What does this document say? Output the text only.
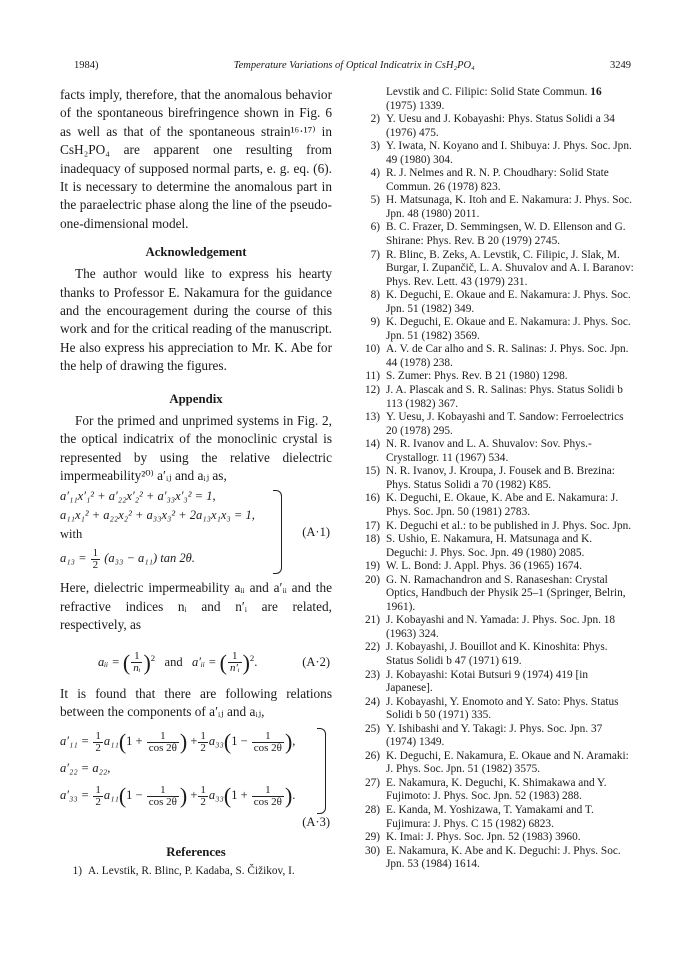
1984)	Temperature Variations of Optical Indicatrix in CsH₂PO₄	3249

facts imply, therefore, that the anomalous behavior of the spontaneous birefringence shown in Fig. 6 as well as that of the spontaneous strain¹⁶·¹⁷⁾ in CsH₂PO₄ are apparent one resulting from inadequacy of supposed normal parts, e. g. eq. (6). It is necessary to determine the anomalous part in the paraelectric phase along the line of the pseudo-one-dimensional model.

Acknowledgement

The author would like to express his hearty thanks to Professor E. Nakamura for the guidance and the encouragement during the course of this work and for the critical reading of the manuscript. He also express his appreciation to Mr. K. Abe for the help of drawing the figures.

Appendix

For the primed and unprimed systems in Fig. 2, the optical indicatrix of the monoclinic crystal is represented by using the relative dielectric impermeability²⁰⁾ a′ᵢⱼ and aᵢⱼ as,

a′₁₁x′₁² + a′₂₂x′₂² + a′₃₃x′₃² = 1,
a₁₁x₁² + a₂₂x₂² + a₃₃x₃² + 2a₁₃x₁x₃ = 1,
with
$a_{13} = \frac{1}{2} (a_{33} - a_{11})$ tan 2θ.
(A·1)

Here, dielectric impermeability aᵢᵢ and a′ᵢᵢ and the refractive indices nᵢ and n′ᵢ are related, respectively, as

aᵢᵢ = ( $\frac{1}{\text{nᵢ}} )^2$ and a′ᵢᵢ = ( $\frac{1}{\text{n′ᵢ}} )^2$.	(A·2)

It is found that there are following relations between the components of a′ᵢⱼ and aᵢⱼ,

$a'_{11} = \frac{1}{2} a_{11}(1 + \frac{1}{\cos 2\theta}$ ) + $\frac{1}{2} a_{33}(1 - \frac{1}{\cos 2\theta}$ ),
a′₂₂ = a₂₂,
$a'_{33} = \frac{1}{2} a_{11}(1 - \frac{1}{\cos 2\theta}$ ) + $\frac{1}{2} a_{33}(1 + \frac{1}{\cos 2\theta}$ ).
(A·3)
References
1) A. Levstik, R. Blinc, P. Kadaba, S. Čižikov, I.
Levstik and C. Filipic: Solid State Commun. 16 (1975) 1339.
2) Y. Uesu and J. Kobayashi: Phys. Status Solidi a 34 (1976) 475.
3) Y. Iwata, N. Koyano and I. Shibuya: J. Phys. Soc. Jpn. 49 (1980) 304.
4) R. J. Nelmes and R. N. P. Choudhary: Solid State Commun. 26 (1978) 823.
5) H. Matsunaga, K. Itoh and E. Nakamura: J. Phys. Soc. Jpn. 48 (1980) 2011.
6) B. C. Frazer, D. Semmingsen, W. D. Ellenson and G. Shirane: Phys. Rev. B 20 (1979) 2745.
7) R. Blinc, B. Zeks, A. Levstik, C. Filipic, J. Slak, M. Burgar, I. Zupančič, L. A. Shuvalov and A. I. Baranov: Phys. Rev. Lett. 43 (1979) 231.
8) K. Deguchi, E. Okaue and E. Nakamura: J. Phys. Soc. Jpn. 51 (1982) 349.
9) K. Deguchi, E. Okaue and E. Nakamura: J. Phys. Soc. Jpn. 51 (1982) 3569.
10) A. V. de Car alho and S. R. Salinas: J. Phys. Soc. Jpn. 44 (1978) 238.
11) S. Zumer: Phys. Rev. B 21 (1980) 1298.
12) J. A. Plascak and S. R. Salinas: Phys. Status Solidi b 113 (1982) 367.
13) Y. Uesu, J. Kobayashi and T. Sandow: Ferroelectrics 20 (1978) 295.
14) N. R. Ivanov and L. A. Shuvalov: Sov. Phys.-Crystallogr. 11 (1967) 534.
15) N. R. Ivanov, J. Kroupa, J. Fousek and B. Brezina: Phys. Status Solidi a 70 (1982) K85.
16) K. Deguchi, E. Okaue, K. Abe and E. Nakamura: J. Phys. Soc. Jpn. 50 (1981) 2783.
17) K. Deguchi et al.: to be published in J. Phys. Soc. Jpn.
18) S. Ushio, E. Nakamura, H. Matsunaga and K. Deguchi: J. Phys. Soc. Jpn. 49 (1980) 2085.
19) W. L. Bond: J. Appl. Phys. 36 (1965) 1674.
20) G. N. Ramachandron and S. Ranaseshan: Crystal Optics, Handbuch der Physik 25–1 (Springer, Belrin, 1961).
21) J. Kobayashi and N. Yamada: J. Phys. Soc. Jpn. 18 (1963) 324.
22) J. Kobayashi, J. Bouillot and K. Kinoshita: Phys. Status Solidi b 47 (1971) 619.
23) J. Kobayashi: Kotai Butsuri 9 (1974) 419 [in Japanese].
24) J. Kobayashi, Y. Enomoto and Y. Sato: Phys. Status Solidi b 50 (1971) 335.
25) Y. Ishibashi and Y. Takagi: J. Phys. Soc. Jpn. 37 (1974) 1349.
26) K. Deguchi, E. Nakamura, E. Okaue and N. Aramaki: J. Phys. Soc. Jpn. 51 (1982) 3575.
27) E. Nakamura, K. Deguchi, K. Shimakawa and Y. Fujimoto: J. Phys. Soc. Jpn. 52 (1983) 288.
28) E. Kanda, M. Yoshizawa, T. Yamakami and T. Fujimura: J. Phys. C 15 (1982) 6823.
29) K. Imai: J. Phys. Soc. Jpn. 52 (1983) 3960.
30) E. Nakamura, K. Abe and K. Deguchi: J. Phys. Soc. Jpn. 53 (1984) 1614.
